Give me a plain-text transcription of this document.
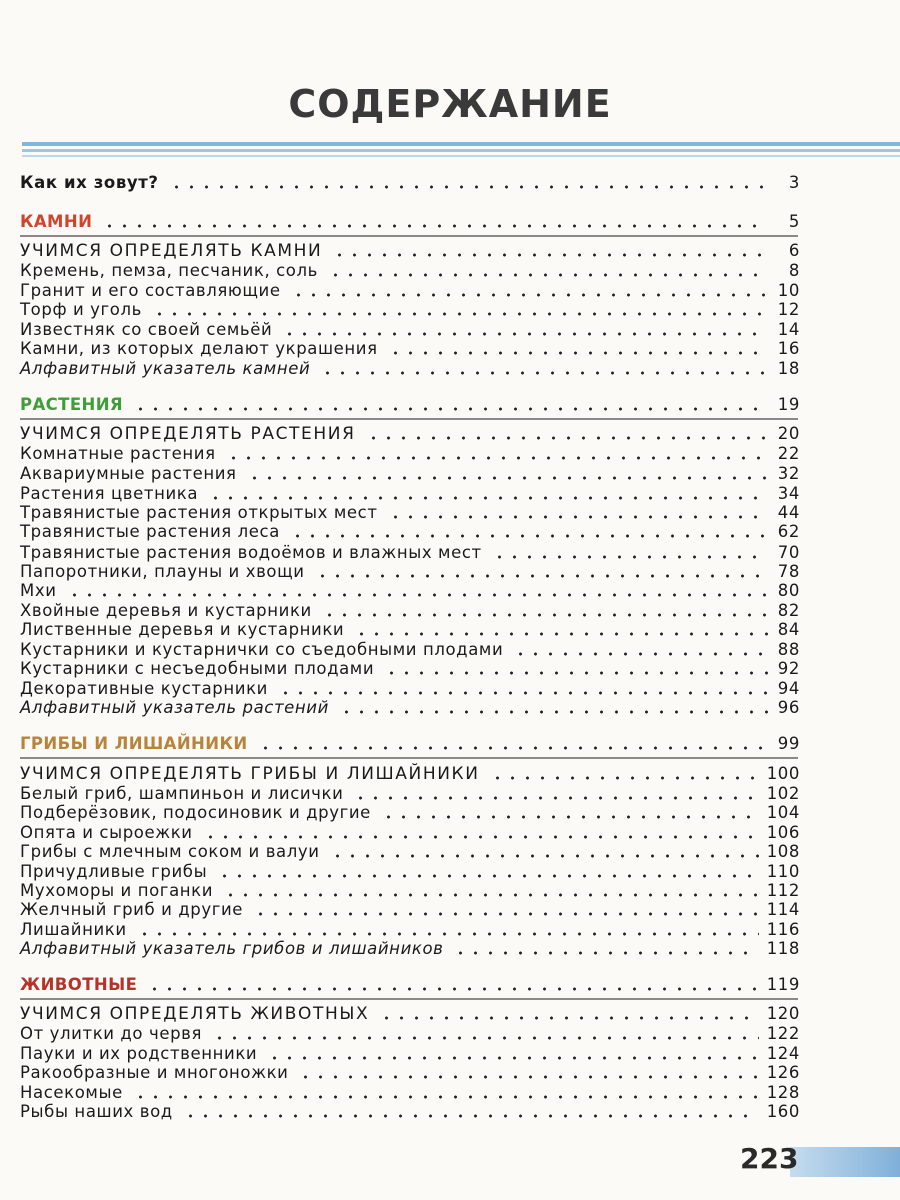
СОДЕРЖАНИЕ
Как их зовут?	3
КАМНИ	5
УЧИМСЯ ОПРЕДЕЛЯТЬ КАМНИ	6
Кремень, пемза, песчаник, соль	8
Гранит и его составляющие	10
Торф и уголь	12
Известняк со своей семьёй	14
Камни, из которых делают украшения	16
Алфавитный указатель камней	18
РАСТЕНИЯ	19
УЧИМСЯ ОПРЕДЕЛЯТЬ РАСТЕНИЯ	20
Комнатные растения	22
Аквариумные растения	32
Растения цветника	34
Травянистые растения открытых мест	44
Травянистые растения леса	62
Травянистые растения водоёмов и влажных мест	70
Папоротники, плауны и хвощи	78
Мхи	80
Хвойные деревья и кустарники	82
Лиственные деревья и кустарники	84
Кустарники и кустарнички со съедобными плодами	88
Кустарники с несъедобными плодами	92
Декоративные кустарники	94
Алфавитный указатель растений	96
ГРИБЫ И ЛИШАЙНИКИ	99
УЧИМСЯ ОПРЕДЕЛЯТЬ ГРИБЫ И ЛИШАЙНИКИ	100
Белый гриб, шампиньон и лисички	102
Подберёзовик, подосиновик и другие	104
Опята и сыроежки	106
Грибы с млечным соком и валуи	108
Причудливые грибы	110
Мухоморы и поганки	112
Желчный гриб и другие	114
Лишайники	116
Алфавитный указатель грибов и лишайников	118
ЖИВОТНЫЕ	119
УЧИМСЯ ОПРЕДЕЛЯТЬ ЖИВОТНЫХ	120
От улитки до червя	122
Пауки и их родственники	124
Ракообразные и многоножки	126
Насекомые	128
Рыбы наших вод	160
223
